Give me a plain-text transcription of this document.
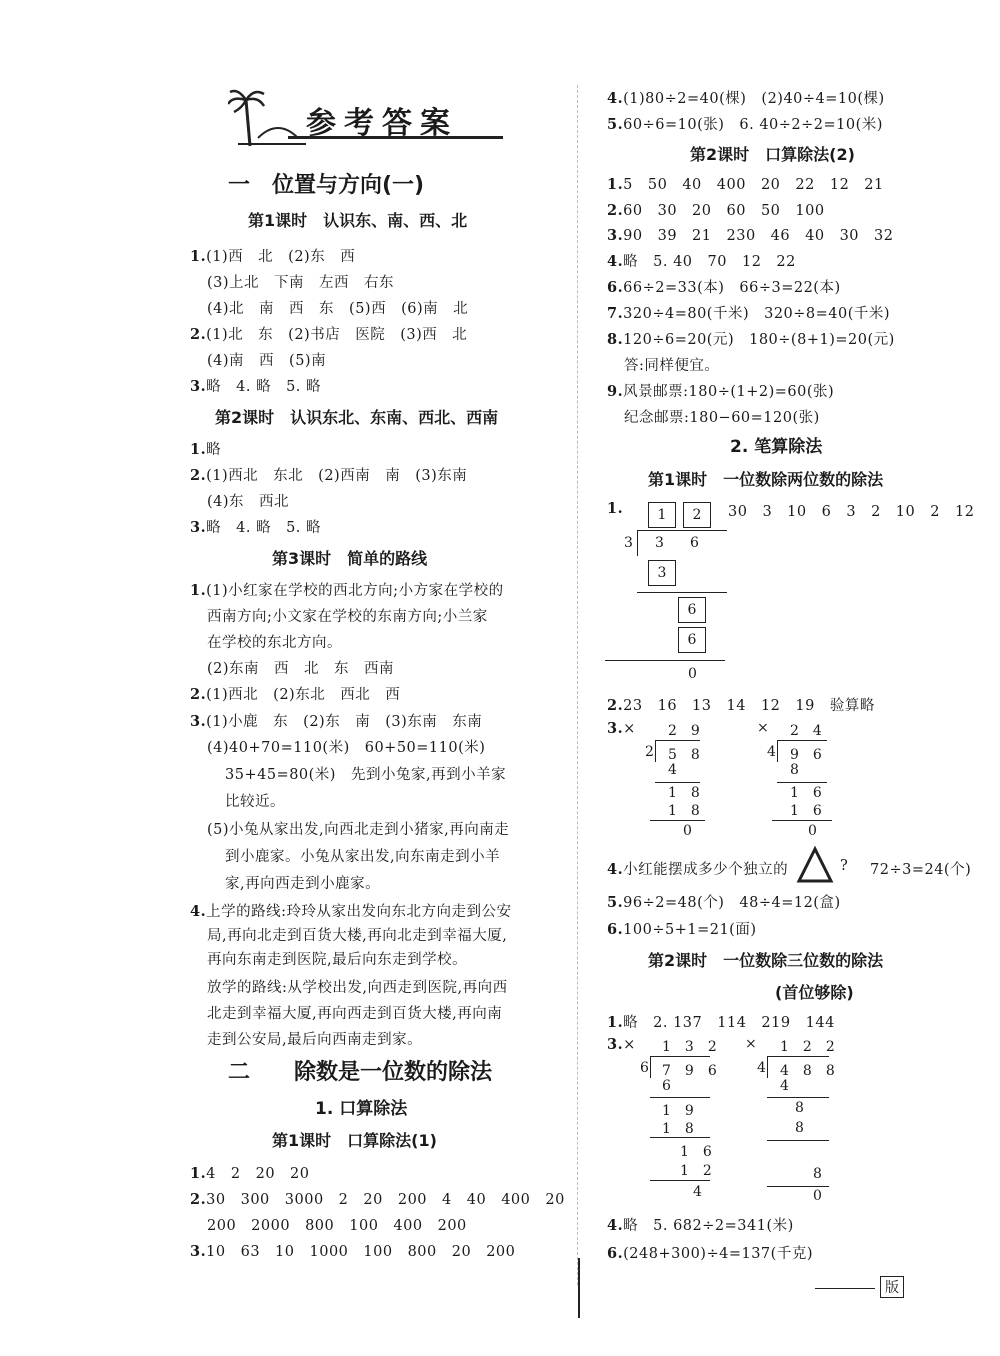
参考答案
一　位置与方向(一)
第1课时　认识东、南、西、北
1.(1)西　北　(2)东　西
(3)上北　下南　左西　右东
(4)北　南　西　东　(5)西　(6)南　北
2.(1)北　东　(2)书店　医院　(3)西　北
(4)南　西　(5)南
3.略　4. 略　5. 略
第2课时　认识东北、东南、西北、西南
1.略
2.(1)西北　东北　(2)西南　南　(3)东南
(4)东　西北
3.略　4. 略　5. 略
第3课时　简单的路线
1.(1)小红家在学校的西北方向;小方家在学校的
西南方向;小文家在学校的东南方向;小兰家
在学校的东北方向。
(2)东南　西　北　东　西南
2.(1)西北　(2)东北　西北　西
3.(1)小鹿　东　(2)东　南　(3)东南　东南
(4)40+70=110(米)　60+50=110(米)
35+45=80(米)　先到小兔家,再到小羊家
比较近。
(5)小兔从家出发,向西北走到小猪家,再向南走
到小鹿家。小兔从家出发,向东南走到小羊
家,再向西走到小鹿家。
4.上学的路线:玲玲从家出发向东北方向走到公安
局,再向北走到百货大楼,再向北走到幸福大厦,
再向东南走到医院,最后向东走到学校。
放学的路线:从学校出发,向西走到医院,再向西
北走到幸福大厦,再向西走到百货大楼,再向南
走到公安局,最后向西南走到家。
二　　除数是一位数的除法
1. 口算除法
第1课时　口算除法(1)
1.4　2　20　20
2.30　300　3000　2　20　200　4　40　400　20
200　2000　800　100　400　200
3.10　63　10　1000　100　800　20　200
4.(1)80÷2=40(棵)　(2)40÷4=10(棵)
5.60÷6=10(张)　6. 40÷2÷2=10(米)
第2课时　口算除法(2)
1.5　50　40　400　20　22　12　21
2.60　30　20　60　50　100
3.90　39　21　230　46　40　30　32
4.略　5. 40　70　12　22
6.66÷2=33(本)　66÷3=22(本)
7.320÷4=80(千米)　320÷8=40(千米)
8.120÷6=20(元)　180÷(8+1)=20(元)
答:同样便宜。
9.风景邮票:180÷(1+2)=60(张)
纪念邮票:180−60=120(张)
2. 笔算除法
第1课时　一位数除两位数的除法
1.	1	2	30　3　10　6　3　2　10　2　12
3 3 6
3
6
6
0
2.23　16　13　14　12　19　验算略
3.× 2　9
2 5　8
4
1　8
1　8
0
× 2　4
4 9　6
8
1　6
1　6
0
4.小红能摆成多少个独立的	? 72÷3=24(个)
5.96÷2=48(个)　48÷4=12(盒)
6.100÷5+1=21(面)
第2课时　一位数除三位数的除法
(首位够除)
1.略　2. 137　114　219　144
3.× 1　3　2
6 7　9　6
6
1　9
1　8
1　6
1　2
4
× 1　2　2
4 4　8　8
4
8
8
8
0
4.略　5. 682÷2=341(米)
6.(248+300)÷4=137(千克)
版
